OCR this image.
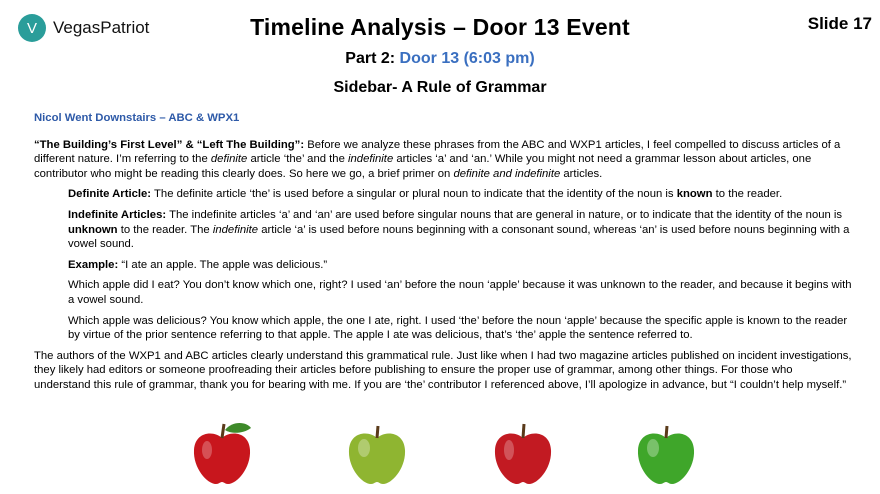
V VegasPatriot	Timeline Analysis – Door 13 Event	Slide 17
Part 2: Door 13 (6:03 pm)
Sidebar- A Rule of Grammar
Nicol Went Downstairs – ABC & WPX1
“The Building’s First Level” & “Left The Building”: Before we analyze these phrases from the ABC and WXP1 articles, I feel compelled to discuss articles of a different nature. I’m referring to the definite article ‘the’ and the indefinite articles ‘a’ and ‘an.’ While you might not need a grammar lesson about articles, one contributor who might be reading this clearly does. So here we go, a brief primer on definite and indefinite articles.
Definite Article: The definite article ‘the’ is used before a singular or plural noun to indicate that the identity of the noun is known to the reader.
Indefinite Articles: The indefinite articles ‘a’ and ‘an’ are used before singular nouns that are general in nature, or to indicate that the identity of the noun is unknown to the reader. The indefinite article ‘a’ is used before nouns beginning with a consonant sound, whereas ‘an’ is used before nouns beginning with a vowel sound.
Example: “I ate an apple. The apple was delicious.”
Which apple did I eat? You don’t know which one, right? I used ‘an’ before the noun ‘apple’ because it was unknown to the reader, and because it begins with a vowel sound.
Which apple was delicious? You know which apple, the one I ate, right. I used ‘the’ before the noun ‘apple’ because the specific apple is known to the reader by virtue of the prior sentence referring to that apple. The apple I ate was delicious, that’s ‘the’ apple the sentence referred to.
The authors of the WXP1 and ABC articles clearly understand this grammatical rule. Just like when I had two magazine articles published on incident investigations, they likely had editors or someone proofreading their articles before publishing to ensure the proper use of grammar, among other things. For those who understand this rule of grammar, thank you for bearing with me. If you are ‘the’ contributor I referenced above, I’ll apologize in advance, but “I couldn’t help myself.”
